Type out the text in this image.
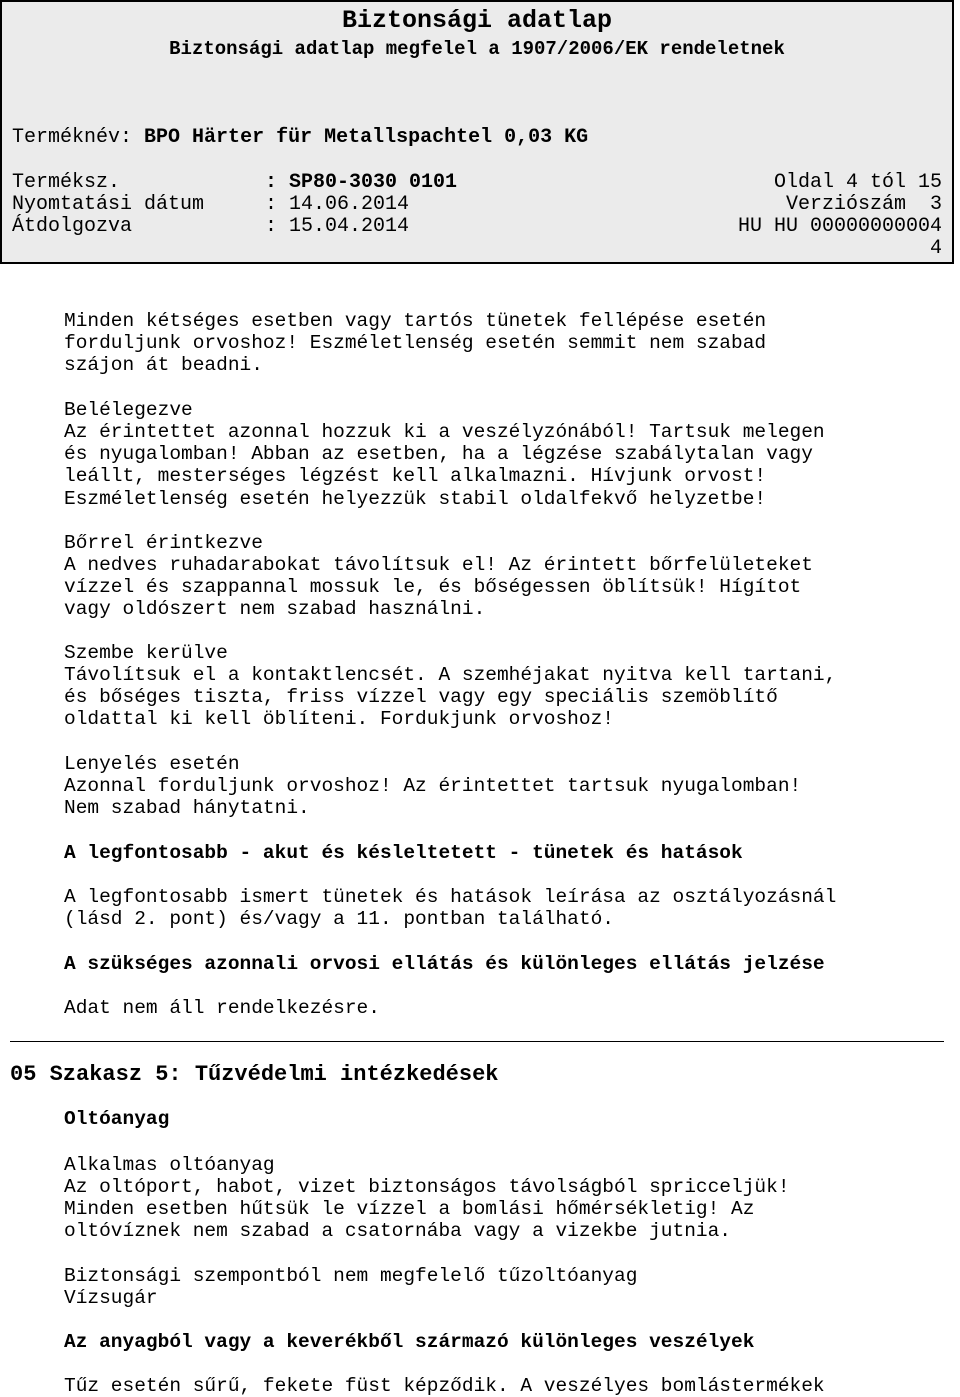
Biztonsági adatlap
Biztonsági adatlap megfelel a 1907/2006/EK rendeletnek
Terméknév: BPO Härter für Metallspachtel 0,03 KG
Terméksz.	: SP80-3030 0101	Oldal 4 tól 15
Nyomtatási dátum	: 14.06.2014	Verziószám  3
Átdolgozva	: 15.04.2014	HU HU 00000000004
4
Minden kétséges esetben vagy tartós tünetek fellépése esetén
forduljunk orvoshoz! Eszméletlenség esetén semmit nem szabad
szájon át beadni.
Belélegezve
Az érintettet azonnal hozzuk ki a veszélyzónából! Tartsuk melegen
és nyugalomban! Abban az esetben, ha a légzése szabálytalan vagy
leállt, mesterséges légzést kell alkalmazni. Hívjunk orvost!
Eszméletlenség esetén helyezzük stabil oldalfekvő helyzetbe!
Bőrrel érintkezve
A nedves ruhadarabokat távolítsuk el! Az érintett bőrfelületeket
vízzel és szappannal mossuk le, és bőségessen öblítsük! Hígítot
vagy oldószert nem szabad használni.
Szembe kerülve
Távolítsuk el a kontaktlencsét. A szemhéjakat nyitva kell tartani,
és bőséges tiszta, friss vízzel vagy egy speciális szemöblítő
oldattal ki kell öblíteni. Fordukjunk orvoshoz!
Lenyelés esetén
Azonnal forduljunk orvoshoz! Az érintettet tartsuk nyugalomban!
Nem szabad hánytatni.
A legfontosabb - akut és késleltetett - tünetek és hatások
A legfontosabb ismert tünetek és hatások leírása az osztályozásnál
(lásd 2. pont) és/vagy a 11. pontban található.
A szükséges azonnali orvosi ellátás és különleges ellátás jelzése
Adat nem áll rendelkezésre.
05 Szakasz 5: Tűzvédelmi intézkedések
Oltóanyag
Alkalmas oltóanyag
Az oltóport, habot, vizet biztonságos távolságból spricceljük!
Minden esetben hűtsük le vízzel a bomlási hőmérsékletig! Az
oltóvíznek nem szabad a csatornába vagy a vizekbe jutnia.
Biztonsági szempontból nem megfelelő tűzoltóanyag
Vízsugár
Az anyagból vagy a keverékből származó különleges veszélyek
Tűz esetén sűrű, fekete füst képződik. A veszélyes bomlástermékek
